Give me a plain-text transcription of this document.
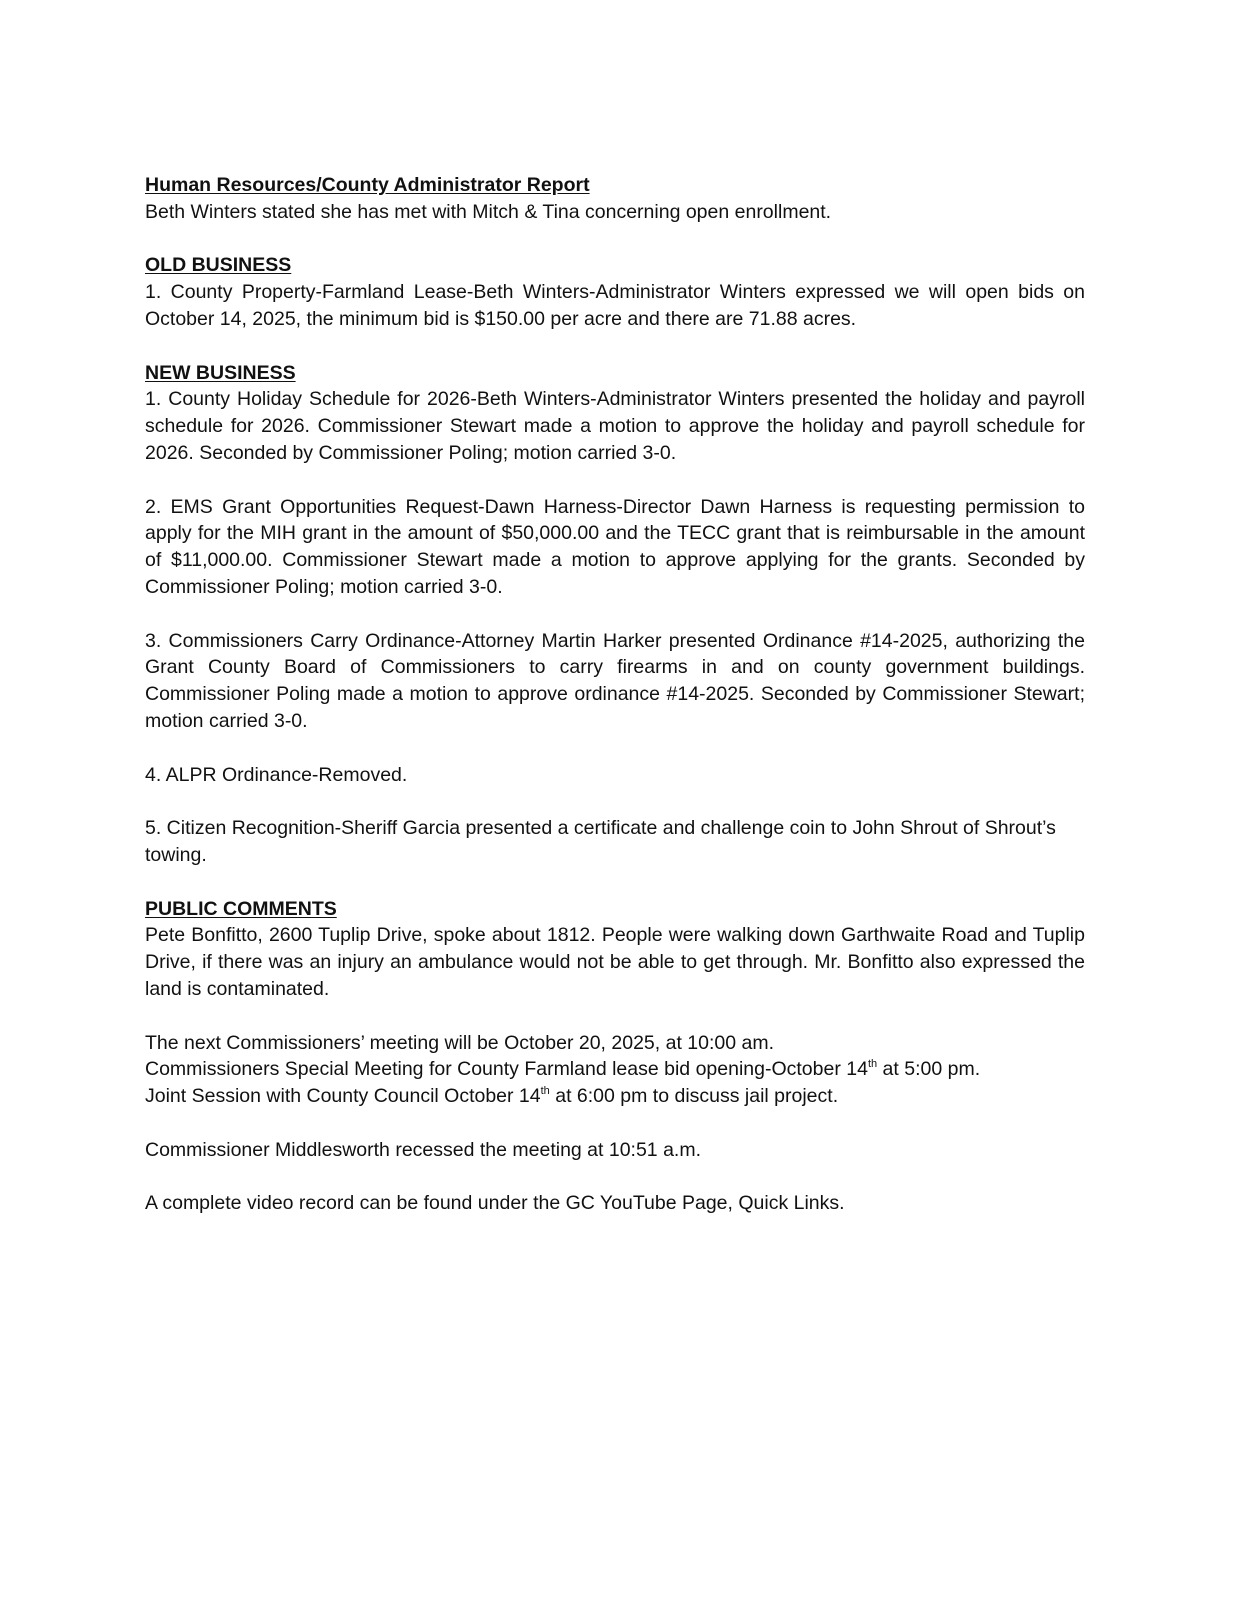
Human Resources/County Administrator Report

Beth Winters stated she has met with Mitch & Tina concerning open enrollment.

OLD BUSINESS

1. County Property-Farmland Lease-Beth Winters-Administrator Winters expressed we will open bids on October 14, 2025, the minimum bid is $150.00 per acre and there are 71.88 acres.

NEW BUSINESS

1. County Holiday Schedule for 2026-Beth Winters-Administrator Winters presented the holiday and payroll schedule for 2026. Commissioner Stewart made a motion to approve the holiday and payroll schedule for 2026. Seconded by Commissioner Poling; motion carried 3-0.

2. EMS Grant Opportunities Request-Dawn Harness-Director Dawn Harness is requesting permission to apply for the MIH grant in the amount of $50,000.00 and the TECC grant that is reimbursable in the amount of $11,000.00. Commissioner Stewart made a motion to approve applying for the grants. Seconded by Commissioner Poling; motion carried 3-0.

3. Commissioners Carry Ordinance-Attorney Martin Harker presented Ordinance #14-2025, authorizing the Grant County Board of Commissioners to carry firearms in and on county government buildings. Commissioner Poling made a motion to approve ordinance #14-2025. Seconded by Commissioner Stewart; motion carried 3-0.

4. ALPR Ordinance-Removed.

5. Citizen Recognition-Sheriff Garcia presented a certificate and challenge coin to John Shrout of Shrout’s towing.

PUBLIC COMMENTS

Pete Bonfitto, 2600 Tuplip Drive, spoke about 1812. People were walking down Garthwaite Road and Tuplip Drive, if there was an injury an ambulance would not be able to get through. Mr. Bonfitto also expressed the land is contaminated.

The next Commissioners’ meeting will be October 20, 2025, at 10:00 am.

Commissioners Special Meeting for County Farmland lease bid opening-October 14th at 5:00 pm.

Joint Session with County Council October 14th at 6:00 pm to discuss jail project.

Commissioner Middlesworth recessed the meeting at 10:51 a.m.

A complete video record can be found under the GC YouTube Page, Quick Links.
